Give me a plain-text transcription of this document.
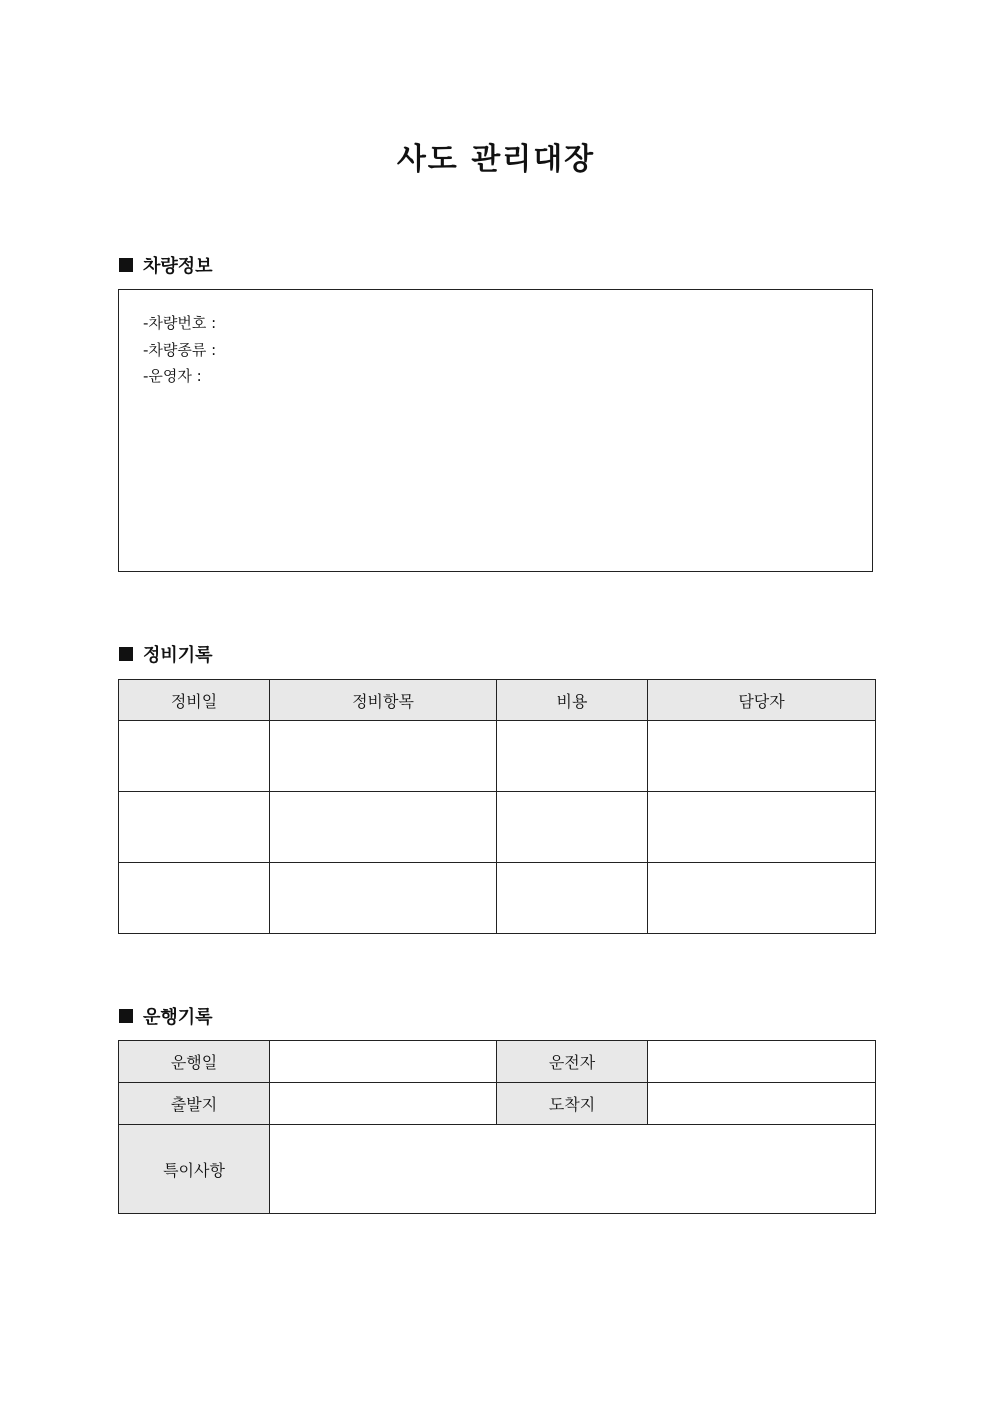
사도 관리대장
차량정보
-차량번호 :
-차량종류 :
-운영자 :
정비기록
정비일	정비항목	비용	담당자

운행기록
운행일		운전자	
출발지		도착지	
특이사항			
